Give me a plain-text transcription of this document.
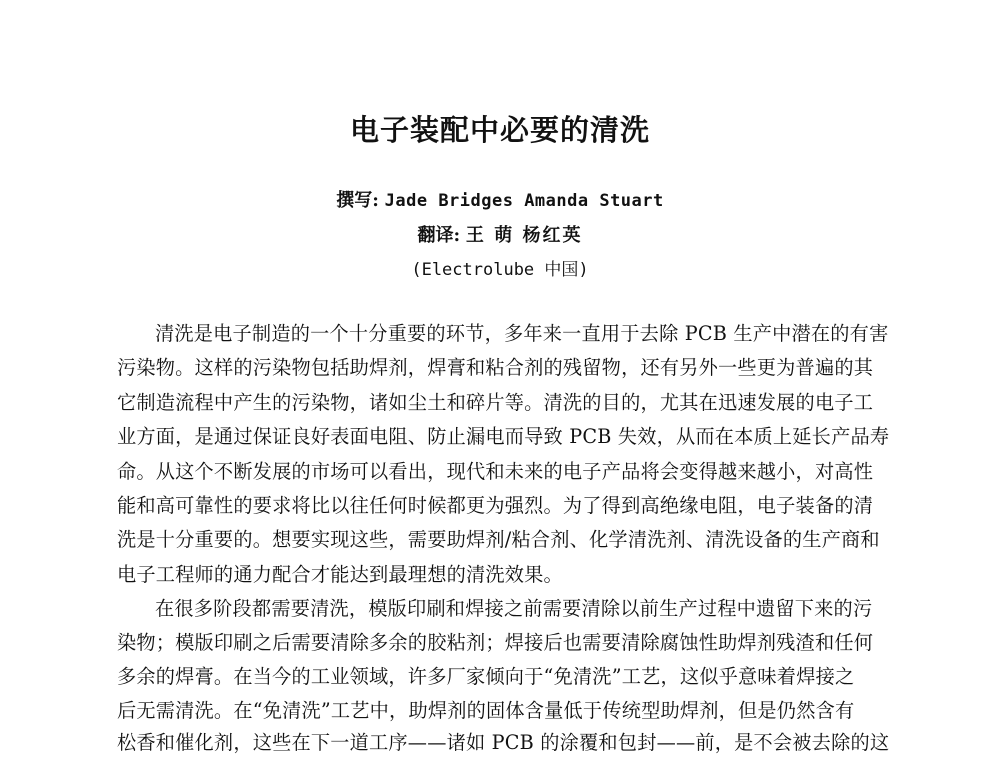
电子装配中必要的清洗
撰写: Jade Bridges Amanda Stuart
翻译: 王 萌 杨红英
(Electrolube 中国)
清洗是电子制造的一个十分重要的环节，多年来一直用于去除 PCB 生产中潜在的有害
污染物。这样的污染物包括助焊剂，焊膏和粘合剂的残留物，还有另外一些更为普遍的其
它制造流程中产生的污染物，诸如尘土和碎片等。清洗的目的，尤其在迅速发展的电子工
业方面，是通过保证良好表面电阻、防止漏电而导致 PCB 失效，从而在本质上延长产品寿
命。从这个不断发展的市场可以看出，现代和未来的电子产品将会变得越来越小，对高性
能和高可靠性的要求将比以往任何时候都更为强烈。为了得到高绝缘电阻，电子装备的清
洗是十分重要的。想要实现这些，需要助焊剂/粘合剂、化学清洗剂、清洗设备的生产商和
电子工程师的通力配合才能达到最理想的清洗效果。
在很多阶段都需要清洗，模版印刷和焊接之前需要清除以前生产过程中遗留下来的污
染物；模版印刷之后需要清除多余的胶粘剂；焊接后也需要清除腐蚀性助焊剂残渣和任何
多余的焊膏。在当今的工业领域，许多厂家倾向于“免清洗”工艺，这似乎意味着焊接之
后无需清洗。在“免清洗”工艺中，助焊剂的固体含量低于传统型助焊剂，但是仍然含有
松香和催化剂，这些在下一道工序——诸如 PCB 的涂覆和包封——前，是不会被去除的这
